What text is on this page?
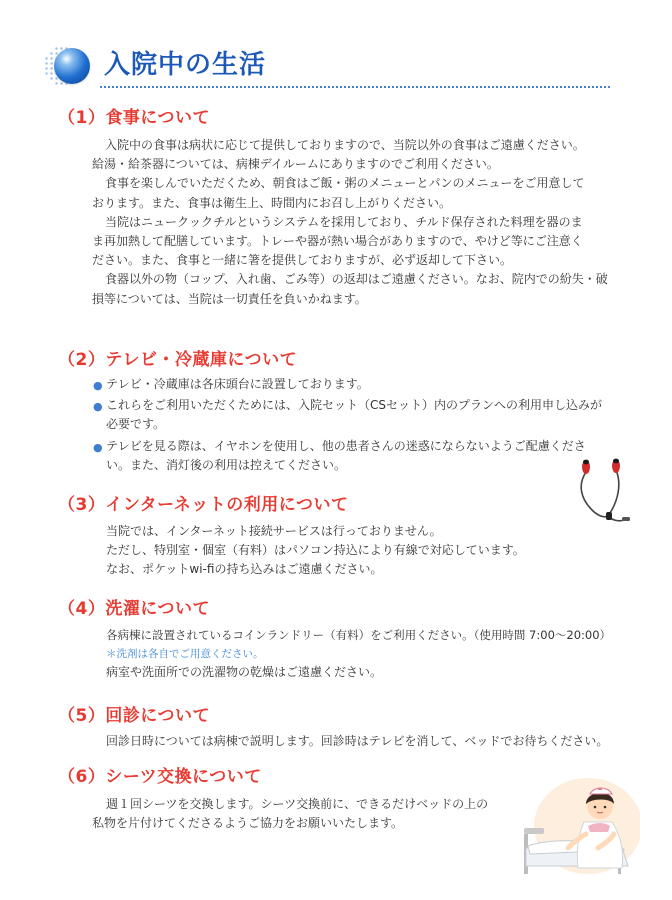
入院中の生活
（1）食事について

入院中の食事は病状に応じて提供しておりますので、当院以外の食事はご遠慮ください。

給湯・給茶器については、病棟デイルームにありますのでご利用ください。

食事を楽しんでいただくため、朝食はご飯・粥のメニューとパンのメニューをご用意して

おります。また、食事は衛生上、時間内にお召し上がりください。

当院はニュークックチルというシステムを採用しており、チルド保存された料理を器のま

ま再加熱して配膳しています。トレーや器が熱い場合がありますので、やけど等にご注意く

ださい。また、食事と一緒に箸を提供しておりますが、必ず返却して下さい。

食器以外の物（コップ、入れ歯、ごみ等）の返却はご遠慮ください。なお、院内での紛失・破

損等については、当院は一切責任を負いかねます。

（2）テレビ・冷蔵庫について
● テレビ・冷蔵庫は各床頭台に設置しております。
● これらをご利用いただくためには、入院セット（CSセット）内のプランへの利用申し込みが
必要です。
● テレビを見る際は、イヤホンを使用し、他の患者さんの迷惑にならないようご配慮くださ
い。また、消灯後の利用は控えてください。
（3）インターネットの利用について

当院では、インターネット接続サービスは行っておりません。

ただし、特別室・個室（有料）はパソコン持込により有線で対応しています。

なお、ポケットwi-fiの持ち込みはご遠慮ください。

（4）洗濯について

各病棟に設置されているコインランドリー（有料）をご利用ください。（使用時間 7:00〜20:00）

＊洗剤は各自でご用意ください。

病室や洗面所での洗濯物の乾燥はご遠慮ください。

（5）回診について

回診日時については病棟で説明します。回診時はテレビを消して、ベッドでお待ちください。

（6）シーツ交換について

週１回シーツを交換します。シーツ交換前に、できるだけベッドの上の

私物を片付けてくださるようご協力をお願いいたします。
